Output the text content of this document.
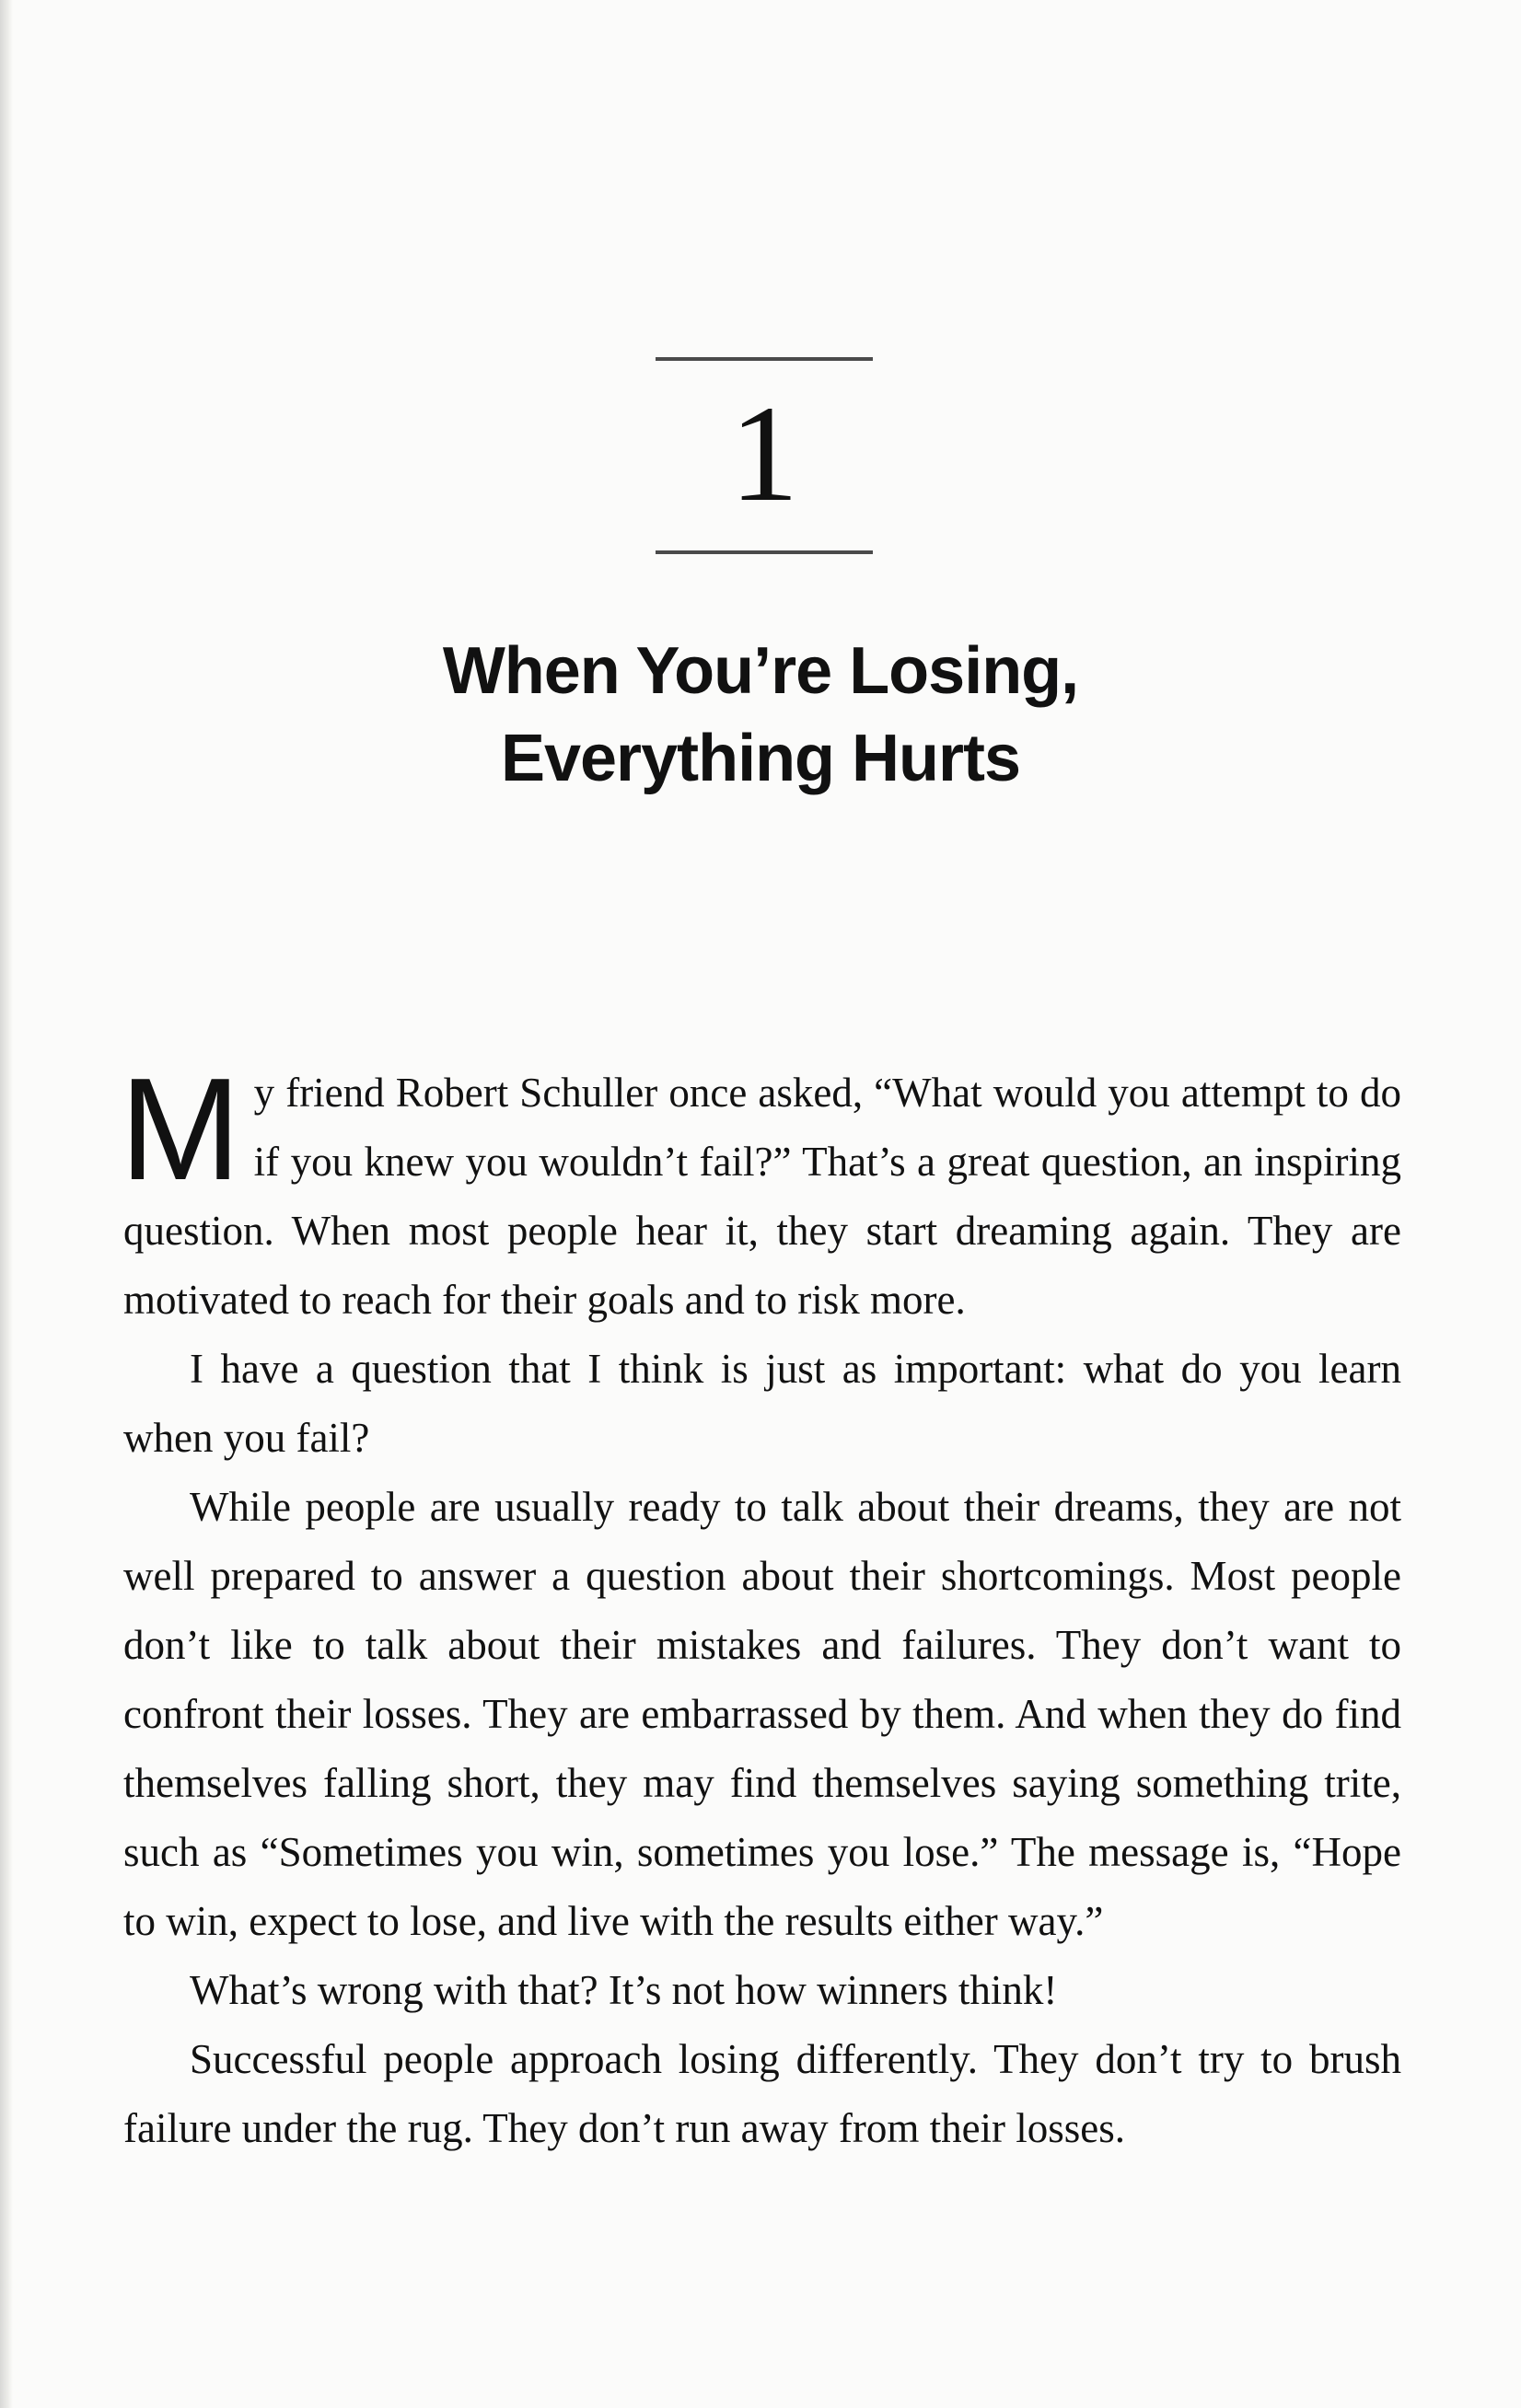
1
When You’re Losing,
Everything Hurts

My friend Robert Schuller once asked, “What would you attempt to do if you knew you wouldn’t fail?” That’s a great question, an inspiring question. When most people hear it, they start dreaming again. They are motivated to reach for their goals and to risk more.

I have a question that I think is just as important: what do you learn when you fail?

While people are usually ready to talk about their dreams, they are not well prepared to answer a question about their shortcomings. Most people don’t like to talk about their mistakes and failures. They don’t want to confront their losses. They are embarrassed by them. And when they do find themselves falling short, they may find themselves saying something trite, such as “Sometimes you win, sometimes you lose.” The message is, “Hope to win, expect to lose, and live with the results either way.”

What’s wrong with that? It’s not how winners think!

Successful people approach losing differently. They don’t try to brush failure under the rug. They don’t run away from their losses.
